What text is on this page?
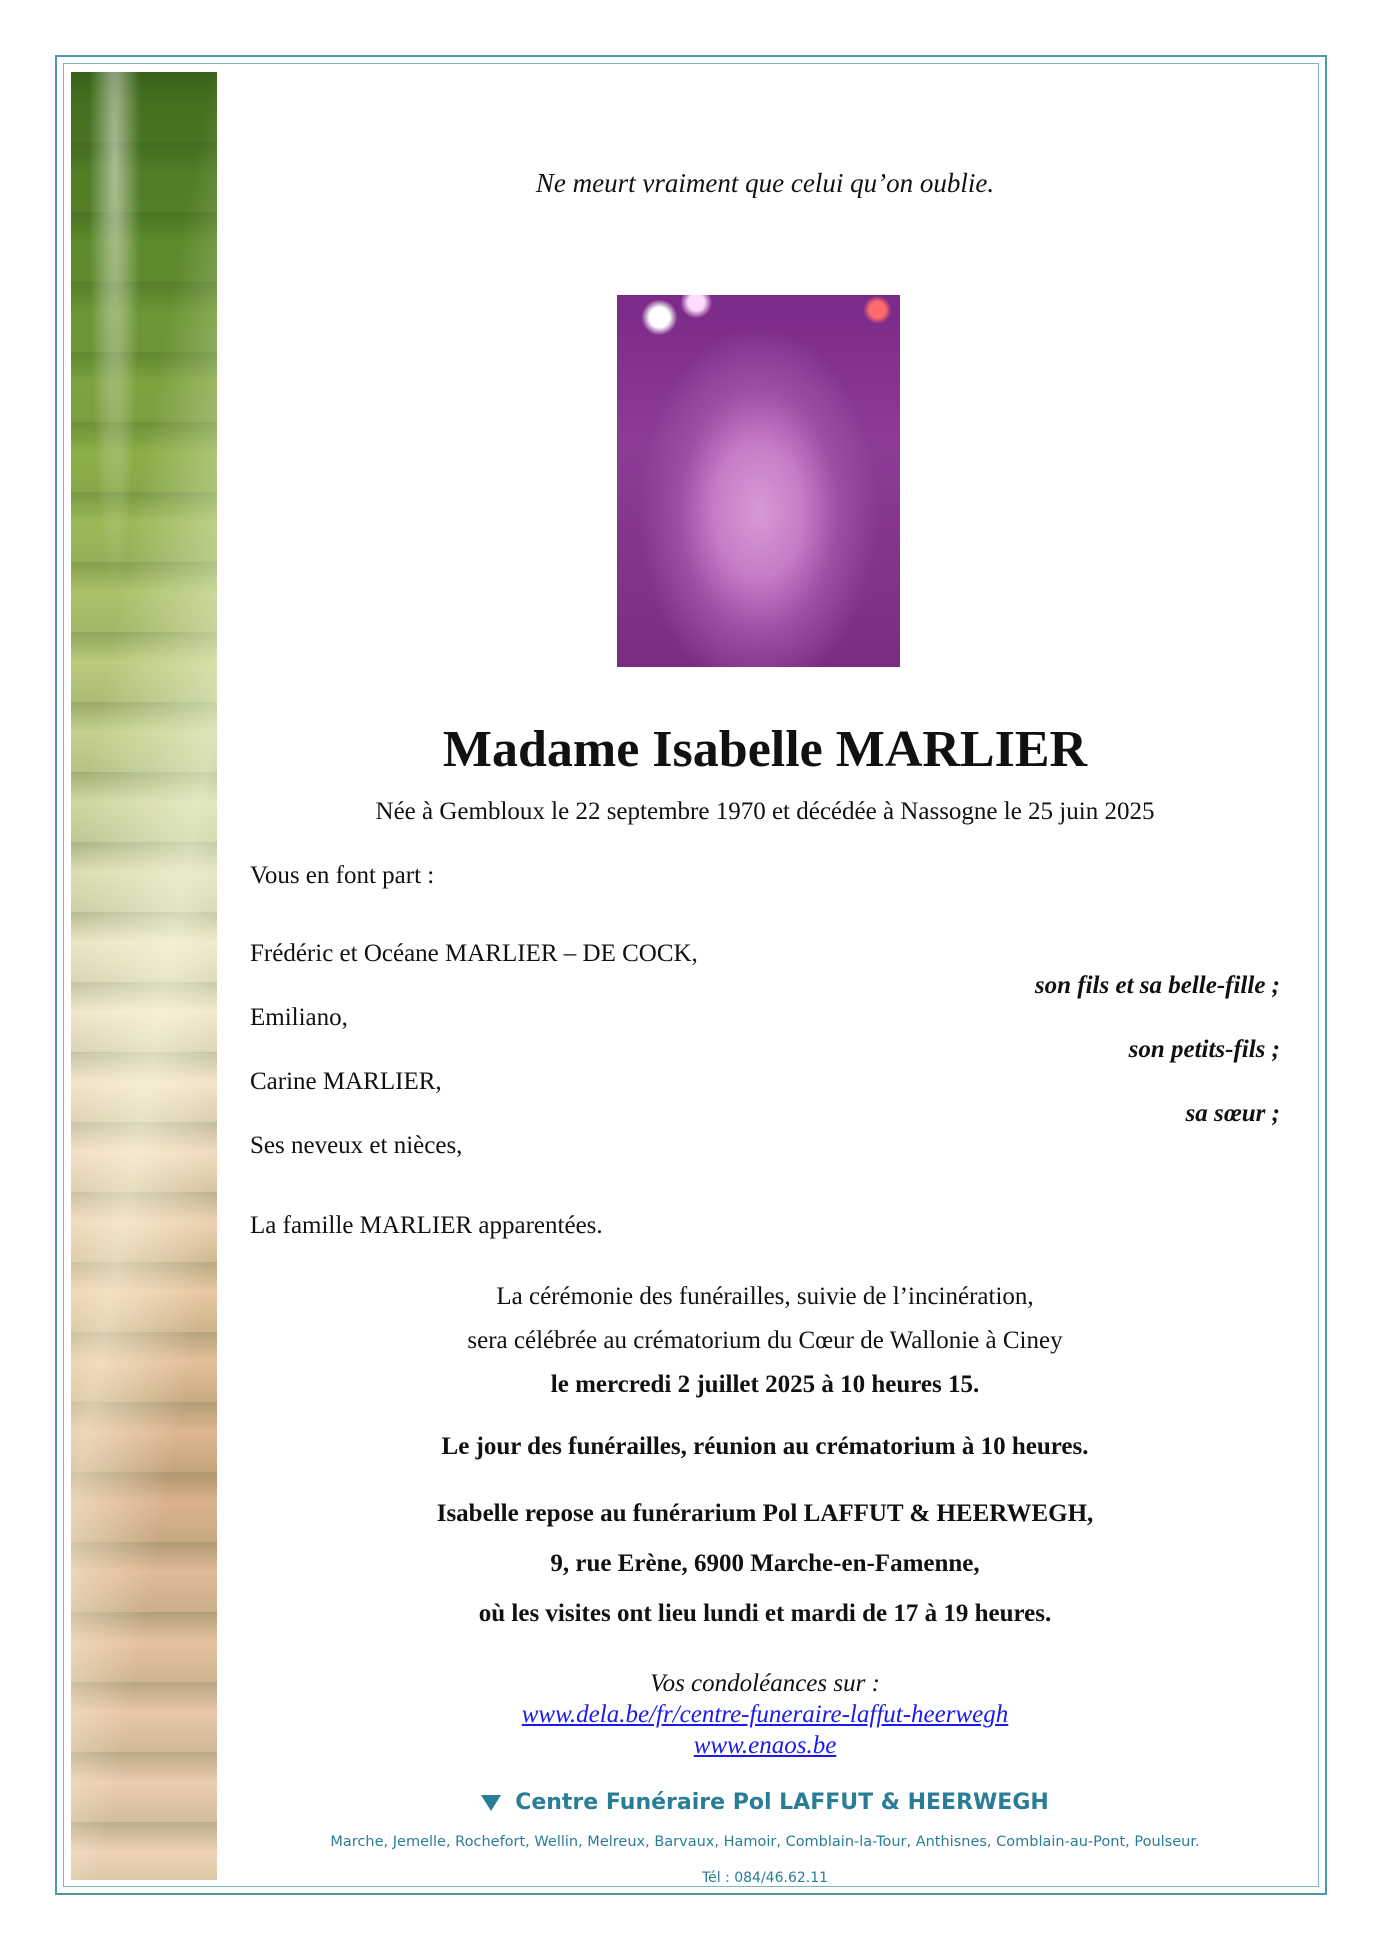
Ne meurt vraiment que celui qu’on oublie.
Madame Isabelle MARLIER
Née à Gembloux le 22 septembre 1970 et décédée à Nassogne le 25 juin 2025
Vous en font part :
Frédéric et Océane MARLIER – DE COCK,
son fils et sa belle-fille ;
Emiliano,
son petits-fils ;
Carine MARLIER,
sa sœur ;
Ses neveux et nièces,
La famille MARLIER apparentées.
La cérémonie des funérailles, suivie de l’incinération,
sera célébrée au crématorium du Cœur de Wallonie à Ciney
le mercredi 2 juillet 2025 à 10 heures 15.
Le jour des funérailles, réunion au crématorium à 10 heures.
Isabelle repose au funérarium Pol LAFFUT & HEERWEGH,
9, rue Erène, 6900 Marche-en-Famenne,
où les visites ont lieu lundi et mardi de 17 à 19 heures.
Vos condoléances sur :
www.dela.be/fr/centre-funeraire-laffut-heerwegh
www.enaos.be
Centre Funéraire Pol LAFFUT & HEERWEGH
Marche, Jemelle, Rochefort, Wellin, Melreux, Barvaux, Hamoir, Comblain-la-Tour, Anthisnes, Comblain-au-Pont, Poulseur.
Tél : 084/46.62.11
